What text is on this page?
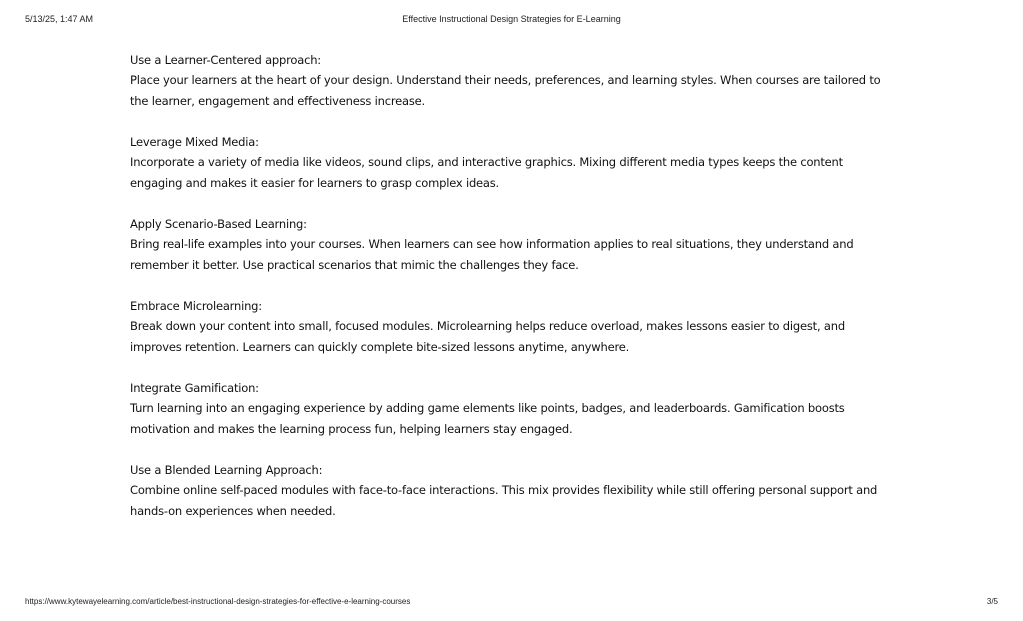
5/13/25, 1:47 AM	Effective Instructional Design Strategies for E-Learning
Use a Learner-Centered approach:
Place your learners at the heart of your design. Understand their needs, preferences, and learning styles. When courses are tailored to
the learner, engagement and effectiveness increase.
Leverage Mixed Media:
Incorporate a variety of media like videos, sound clips, and interactive graphics. Mixing different media types keeps the content
engaging and makes it easier for learners to grasp complex ideas.
Apply Scenario-Based Learning:
Bring real-life examples into your courses. When learners can see how information applies to real situations, they understand and
remember it better. Use practical scenarios that mimic the challenges they face.
Embrace Microlearning:
Break down your content into small, focused modules. Microlearning helps reduce overload, makes lessons easier to digest, and
improves retention. Learners can quickly complete bite-sized lessons anytime, anywhere.
Integrate Gamification:
Turn learning into an engaging experience by adding game elements like points, badges, and leaderboards. Gamification boosts
motivation and makes the learning process fun, helping learners stay engaged.
Use a Blended Learning Approach:
Combine online self-paced modules with face-to-face interactions. This mix provides flexibility while still offering personal support and
hands-on experiences when needed.
https://www.kytewayelearning.com/article/best-instructional-design-strategies-for-effective-e-learning-courses	3/5
